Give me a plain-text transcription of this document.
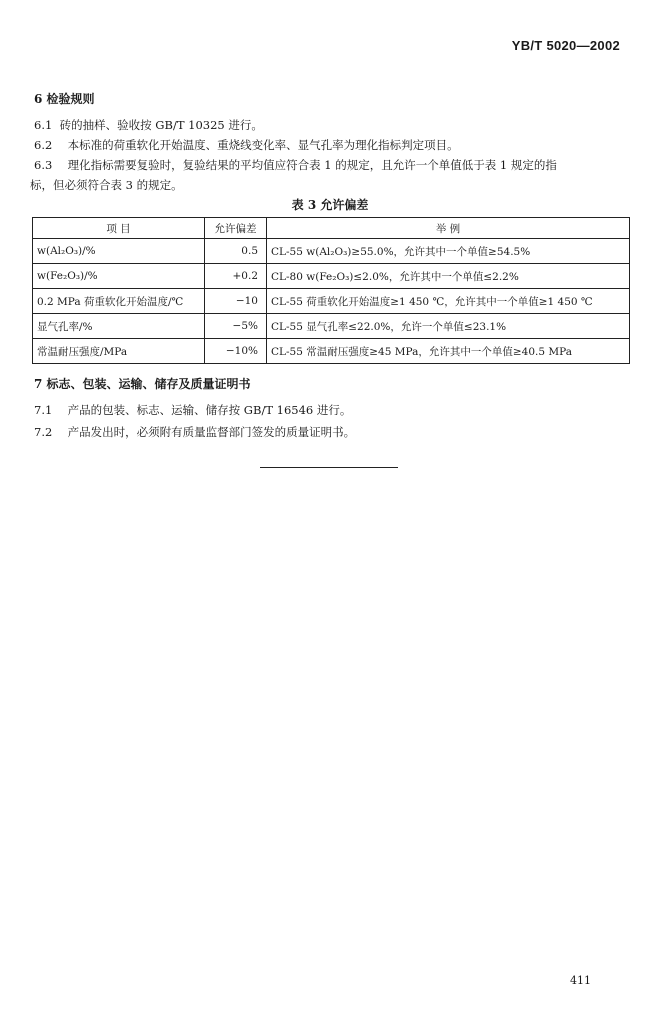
YB/T 5020—2002
6 检验规则
6.1 砖的抽样、验收按 GB/T 10325 进行。
6.2 本标准的荷重软化开始温度、重烧线变化率、显气孔率为理化指标判定项目。
6.3 理化指标需要复验时，复验结果的平均值应符合表 1 的规定，且允许一个单值低于表 1 规定的指
标，但必须符合表 3 的规定。
表 3 允许偏差
项 目	允许偏差	举 例
w(Al₂O₃)/%	0.5	CL-55 w(Al₂O₃)≥55.0%，允许其中一个单值≥54.5%
w(Fe₂O₃)/%	+0.2	CL-80 w(Fe₂O₃)≤2.0%，允许其中一个单值≤2.2%
0.2 MPa 荷重软化开始温度/℃	−10	CL-55 荷重软化开始温度≥1 450 ℃，允许其中一个单值≥1 450 ℃
显气孔率/%	−5%	CL-55 显气孔率≤22.0%，允许一个单值≤23.1%
常温耐压强度/MPa	−10%	CL-55 常温耐压强度≥45 MPa，允许其中一个单值≥40.5 MPa
7 标志、包装、运输、储存及质量证明书
7.1 产品的包装、标志、运输、储存按 GB/T 16546 进行。
7.2 产品发出时，必须附有质量监督部门签发的质量证明书。
411
